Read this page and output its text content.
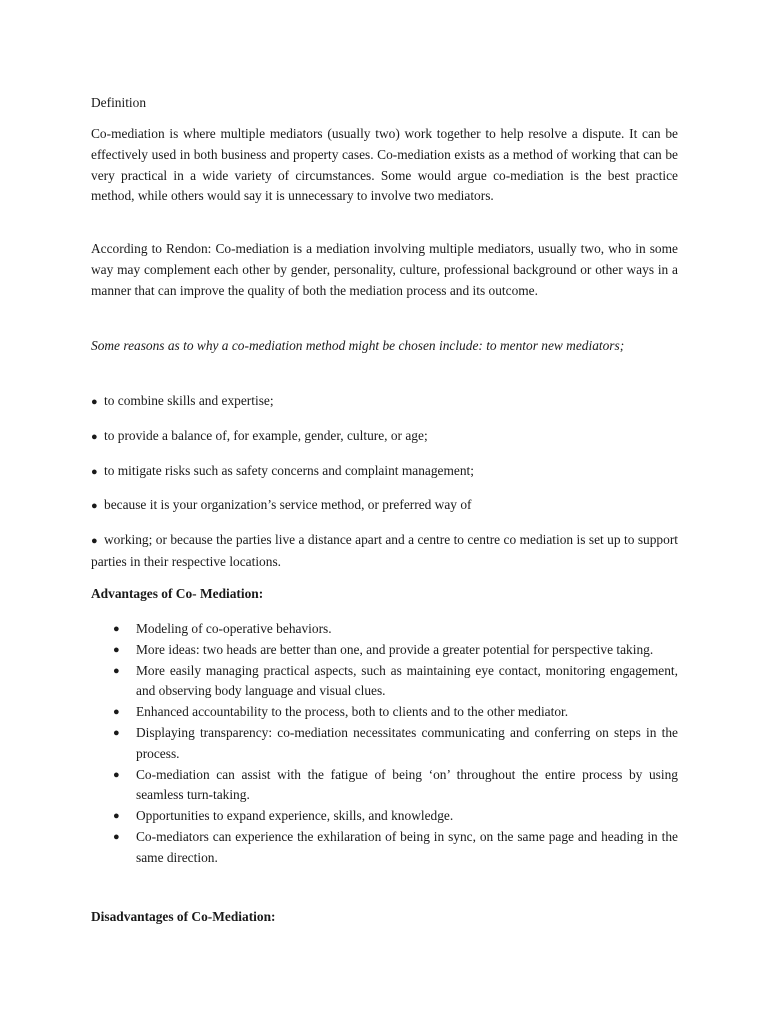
Definition

Co-mediation is where multiple mediators (usually two) work together to help resolve a dispute. It can be effectively used in both business and property cases. Co-mediation exists as a method of working that can be very practical in a wide variety of circumstances. Some would argue co-mediation is the best practice method, while others would say it is unnecessary to involve two mediators.

According to Rendon: Co-mediation is a mediation involving multiple mediators, usually two, who in some way may complement each other by gender, personality, culture, professional background or other ways in a manner that can improve the quality of both the mediation process and its outcome.

Some reasons as to why a co-mediation method might be chosen include: to mentor new mediators;

● to combine skills and expertise;
● to provide a balance of, for example, gender, culture, or age;
● to mitigate risks such as safety concerns and complaint management;
● because it is your organization’s service method, or preferred way of
● working; or because the parties live a distance apart and a centre to centre co mediation is set up to support parties in their respective locations.

Advantages of Co- Mediation:

● Modeling of co-operative behaviors.
● More ideas: two heads are better than one, and provide a greater potential for perspective taking.
● More easily managing practical aspects, such as maintaining eye contact, monitoring engagement, and observing body language and visual clues.
● Enhanced accountability to the process, both to clients and to the other mediator.
● Displaying transparency: co-mediation necessitates communicating and conferring on steps in the process.
● Co-mediation can assist with the fatigue of being ‘on’ throughout the entire process by using seamless turn-taking.
● Opportunities to expand experience, skills, and knowledge.
● Co-mediators can experience the exhilaration of being in sync, on the same page and heading in the same direction.

Disadvantages of Co-Mediation:
